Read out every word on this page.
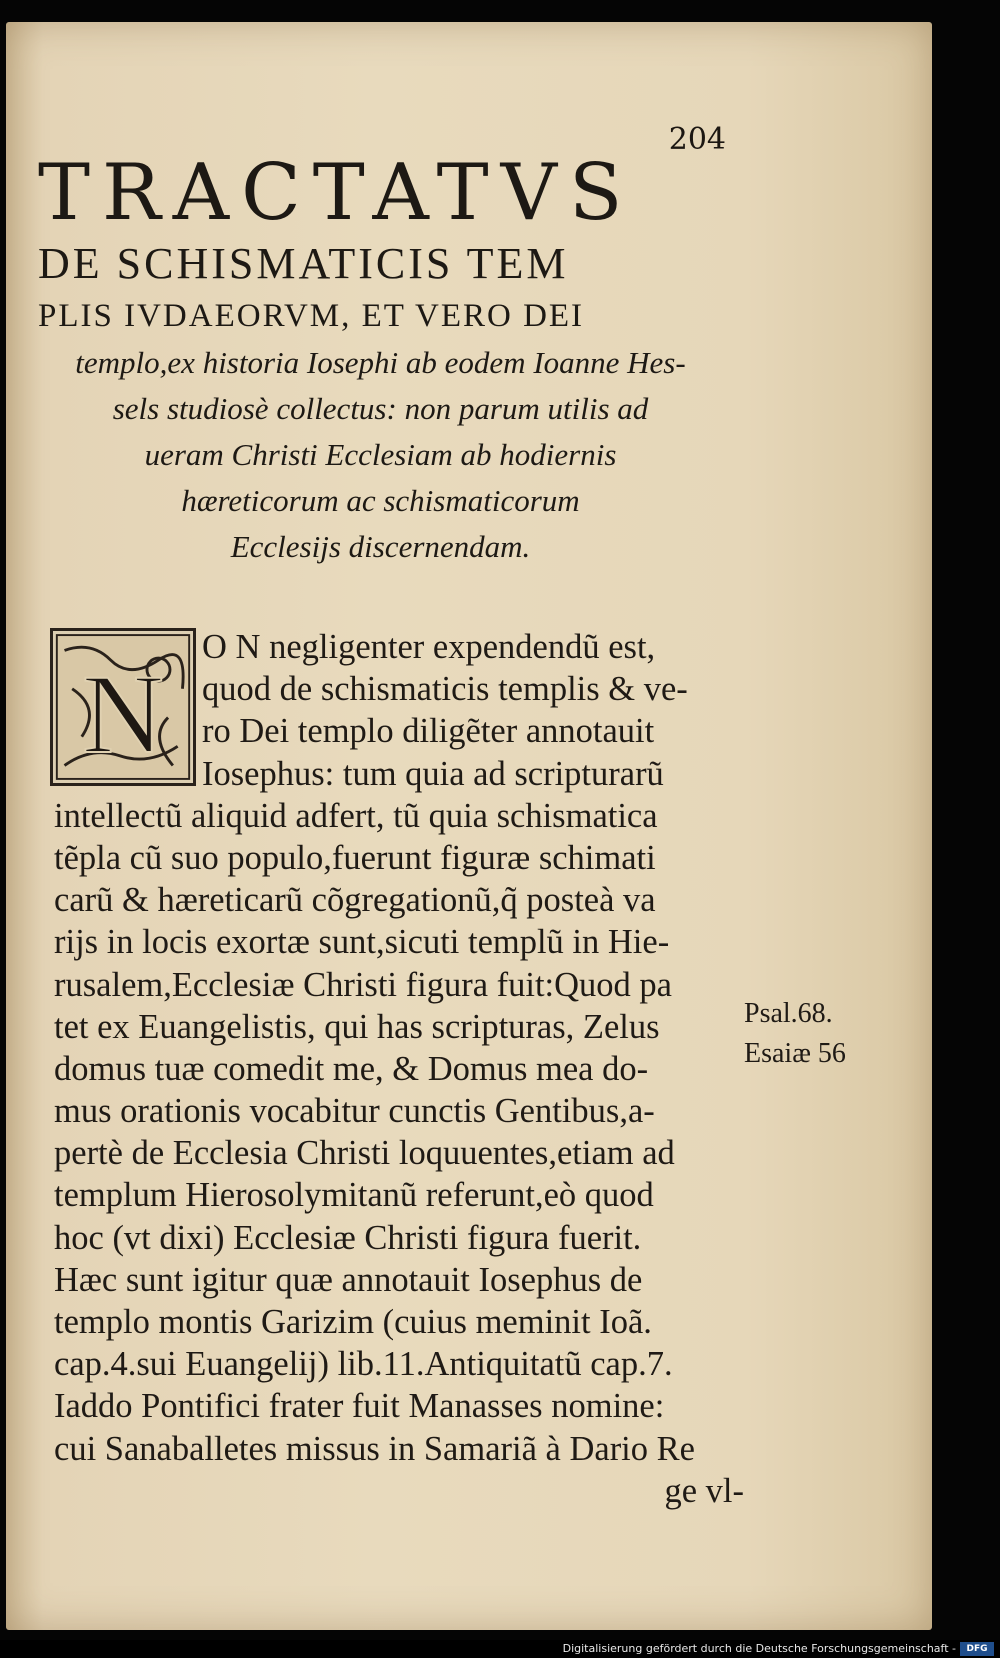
204
TRACTATVS
DE SCHISMATICIS TEM
PLIS IVDAEORVM, ET VERO DEI
templo,ex historia Iosephi ab eodem Ioanne Hes-
sels studiosè collectus: non parum utilis ad
ueram Christi Ecclesiam ab hodiernis
hæreticorum ac schismaticorum
Ecclesijs discernendam.
N
O N negligenter expendendũ est,
quod de schismaticis templis & ve-
ro Dei templo diligẽter annotauit
Iosephus: tum quia ad scripturarũ
intellectũ aliquid adfert, tũ quia schismatica
tẽpla cũ suo populo,fuerunt figuræ schimati
carũ & hæreticarũ cõgregationũ,q̃ posteà va
rijs in locis exortæ sunt,sicuti templũ in Hie-
rusalem,Ecclesiæ Christi figura fuit:Quod pa
tet ex Euangelistis, qui has scripturas, Zelus
domus tuæ comedit me, & Domus mea do-
mus orationis vocabitur cunctis Gentibus,a-
pertè de Ecclesia Christi loquuentes,etiam ad
templum Hierosolymitanũ referunt,eò quod
hoc (vt dixi) Ecclesiæ Christi figura fuerit.
Hæc sunt igitur quæ annotauit Iosephus de
templo montis Garizim (cuius meminit Ioã.
cap.4.sui Euangelij) lib.11.Antiquitatũ cap.7.
Iaddo Pontifici frater fuit Manasses nomine:
cui Sanaballetes missus in Samariã à Dario Re
ge vl-
Psal.68.
Esaiæ 56
Digitalisierung gefördert durch die Deutsche Forschungsgemeinschaft -	DFG
